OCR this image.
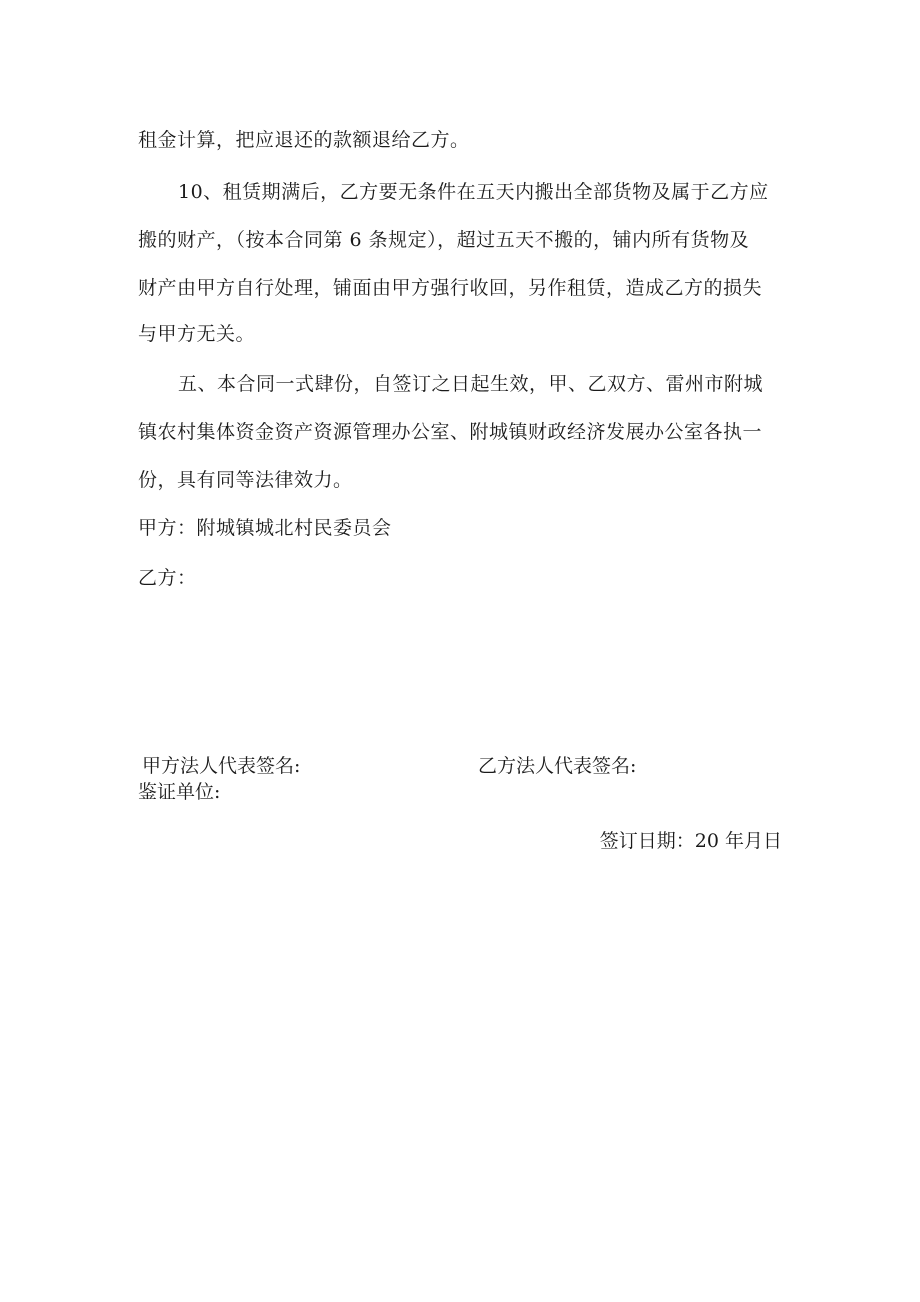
租金计算，把应退还的款额退给乙方。
10、租赁期满后，乙方要无条件在五天内搬出全部货物及属于乙方应
搬的财产，（按本合同第 6 条规定），超过五天不搬的，铺内所有货物及
财产由甲方自行处理，铺面由甲方强行收回，另作租赁，造成乙方的损失
与甲方无关。
五、本合同一式肆份，自签订之日起生效，甲、乙双方、雷州市附城
镇农村集体资金资产资源管理办公室、附城镇财政经济发展办公室各执一
份，具有同等法律效力。
甲方：附城镇城北村民委员会
乙方：
甲方法人代表签名:	乙方法人代表签名:
鉴证单位:
签订日期：20 年月日
